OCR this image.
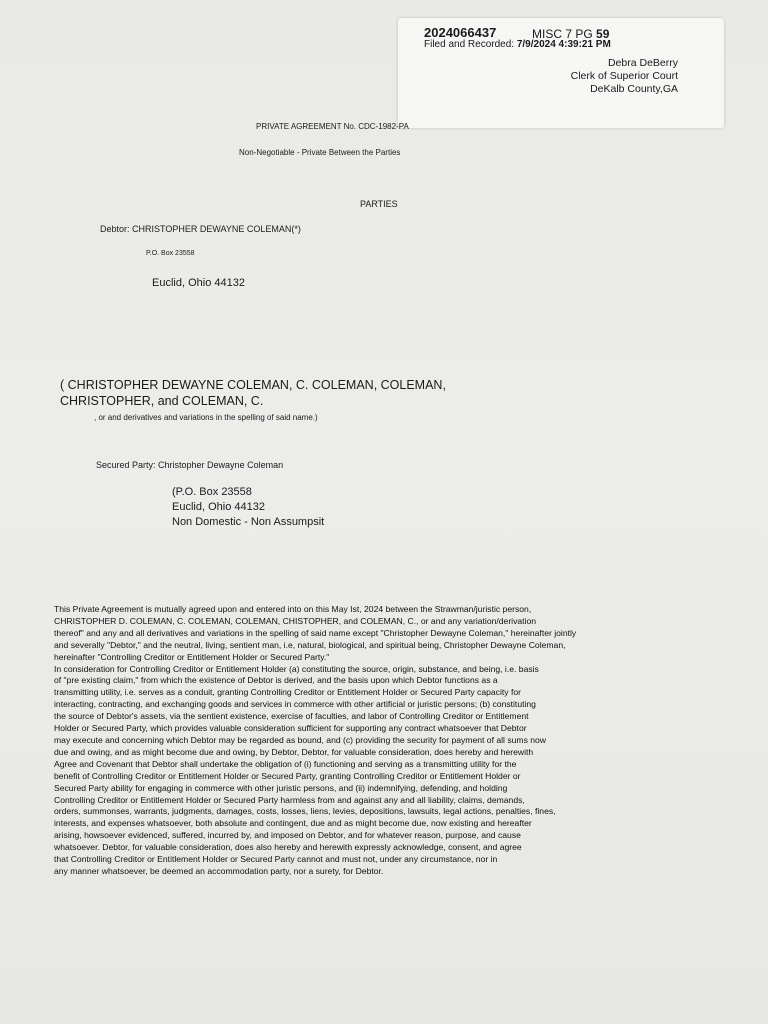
2024066437	MISC 7 PG 59
Filed and Recorded: 7/9/2024 4:39:21 PM
Debra DeBerry
Clerk of Superior Court
DeKalb County,GA
PRIVATE AGREEMENT No. CDC-1982-PA
Non-Negotiable - Private Between the Parties
PARTIES
Debtor: CHRISTOPHER DEWAYNE COLEMAN(*)
P.O. Box 23558
Euclid, Ohio 44132
( CHRISTOPHER DEWAYNE COLEMAN, C. COLEMAN, COLEMAN,
CHRISTOPHER, and COLEMAN, C.
, or and derivatives and variations in the spelling of said name.)
Secured Party: Christopher Dewayne Coleman
(P.O. Box 23558
Euclid, Ohio 44132
Non Domestic - Non Assumpsit
This Private Agreement is mutually agreed upon and entered into on this May Ist, 2024 between the Strawman/juristic person,
CHRISTOPHER D. COLEMAN, C. COLEMAN, COLEMAN, CHISTOPHER, and COLEMAN, C., or and any variation/derivation
thereof" and any and all derivatives and variations in the spelling of said name except "Christopher Dewayne Coleman," hereinafter jointly
and severally "Debtor," and the neutral, living, sentient man, i.e, natural, biological, and spiritual being, Christopher Dewayne Coleman,
hereinafter "Controlling Creditor or Entitlement Holder or Secured Party."
In consideration for Controlling Creditor or Entitlement Holder (a) constituting the source, origin, substance, and being, i.e. basis
of "pre existing claim," from which the existence of Debtor is derived, and the basis upon which Debtor functions as a
transmitting utility, i.e. serves as a conduit, granting Controlling Creditor or Entitlement Holder or Secured Party capacity for
interacting, contracting, and exchanging goods and services in commerce with other artificial or juristic persons; (b) constituting
the source of Debtor's assets, via the sentient existence, exercise of faculties, and labor of Controlling Creditor or Entitlement
Holder or Secured Party, which provides valuable consideration sufficient for supporting any contract whatsoever that Debtor
may execute and concerning which Debtor may be regarded as bound, and (c) providing the security for payment of all sums now
due and owing, and as might become due and owing, by Debtor, Debtor, for valuable consideration, does hereby and herewith
Agree and Covenant that Debtor shall undertake the obligation of (i) functioning and serving as a transmitting utility for the
benefit of Controlling Creditor or Entitlement Holder or Secured Party, granting Controlling Creditor or Entitlement Holder or
Secured Party ability for engaging in commerce with other juristic persons, and (ii) indemnifying, defending, and holding
Controlling Creditor or Entitlement Holder or Secured Party harmless from and against any and all liability, claims, demands,
orders, summonses, warrants, judgments, damages, costs, losses, liens, levies, depositions, lawsuits, legal actions, penalties, fines,
interests, and expenses whatsoever, both absolute and contingent, due and as might become due, now existing and hereafter
arising, howsoever evidenced, suffered, incurred by, and imposed on Debtor, and for whatever reason, purpose, and cause
whatsoever. Debtor, for valuable consideration, does also hereby and herewith expressly acknowledge, consent, and agree
that Controlling Creditor or Entitlement Holder or Secured Party cannot and must not, under any circumstance, nor in
any manner whatsoever, be deemed an accommodation party, nor a surety, for Debtor.
